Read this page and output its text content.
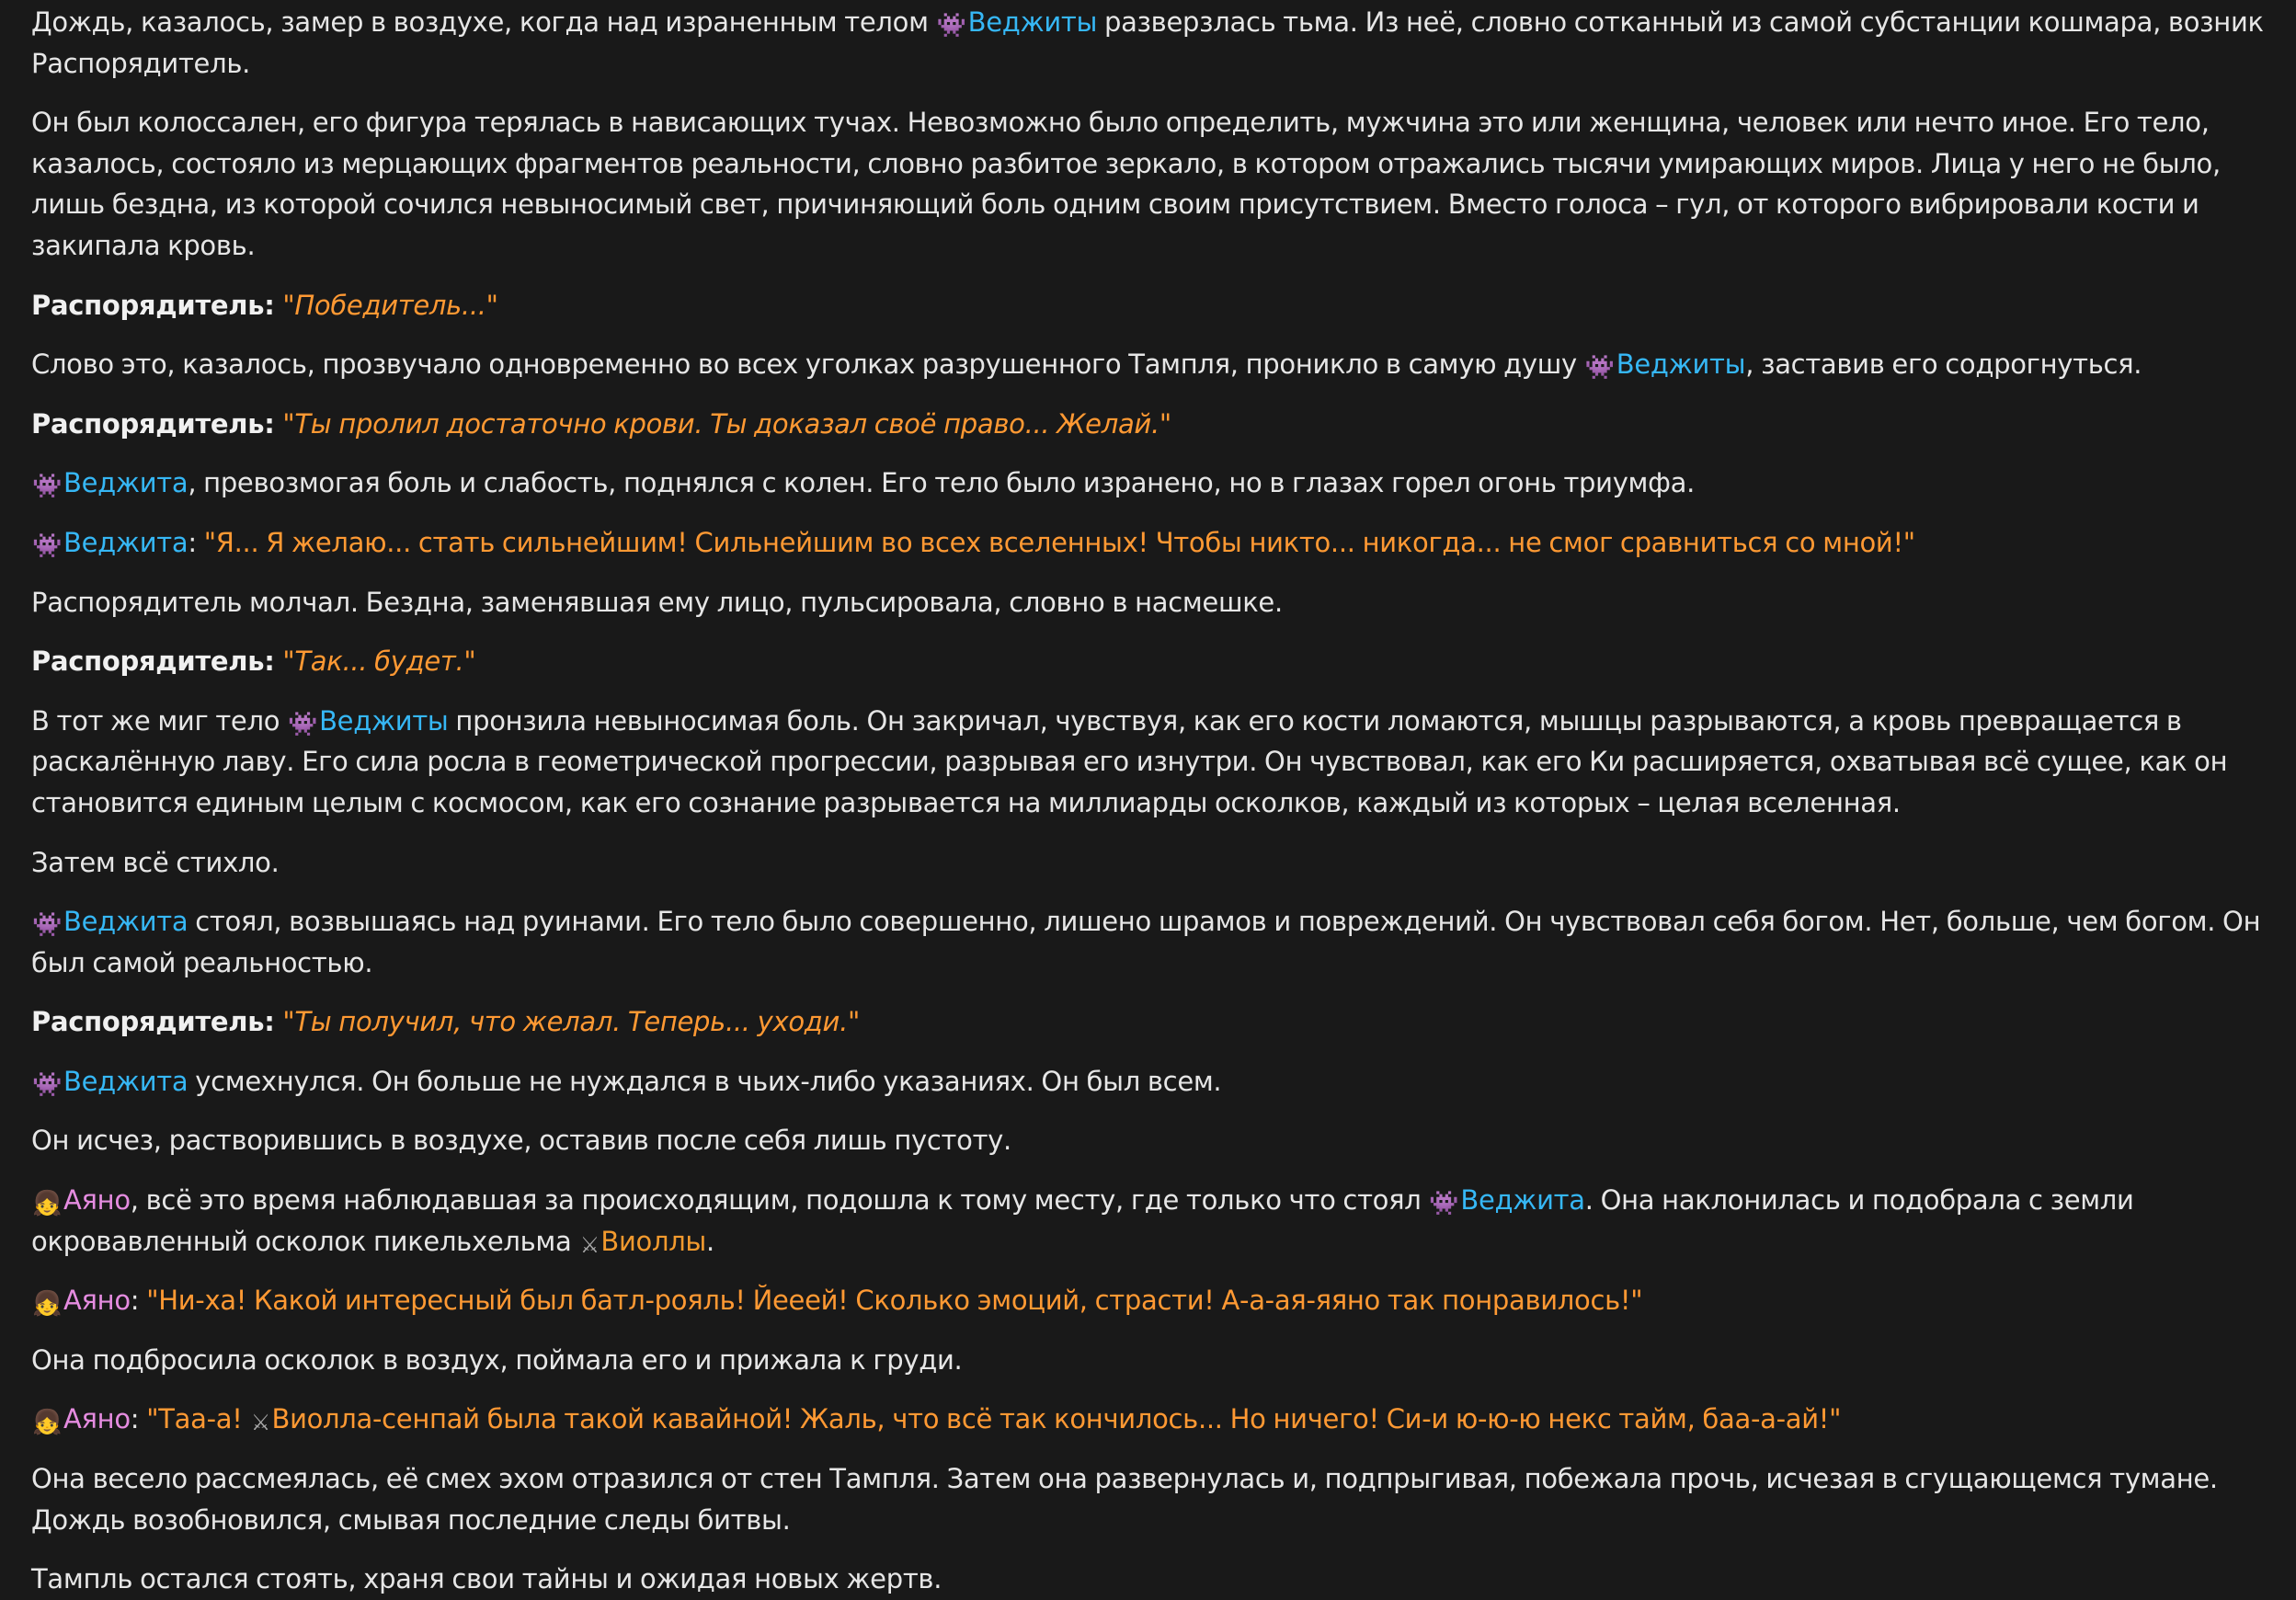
Дождь, казалось, замер в воздухе, когда над израненным телом 👾Веджиты разверзлась тьма. Из неё, словно сотканный из самой субстанции кошмара, возник Распорядитель.

Он был колоссален, его фигура терялась в нависающих тучах. Невозможно было определить, мужчина это или женщина, человек или нечто иное. Его тело, казалось, состояло из мерцающих фрагментов реальности, словно разбитое зеркало, в котором отражались тысячи умирающих миров. Лица у него не было, лишь бездна, из которой сочился невыносимый свет, причиняющий боль одним своим присутствием. Вместо голоса – гул, от которого вибрировали кости и закипала кровь.

Распорядитель: "Победитель..."

Слово это, казалось, прозвучало одновременно во всех уголках разрушенного Тампля, проникло в самую душу 👾Веджиты, заставив его содрогнуться.

Распорядитель: "Ты пролил достаточно крови. Ты доказал своё право... Желай."

👾Веджита, превозмогая боль и слабость, поднялся с колен. Его тело было изранено, но в глазах горел огонь триумфа.

👾Веджита: "Я... Я желаю... стать сильнейшим! Сильнейшим во всех вселенных! Чтобы никто... никогда... не смог сравниться со мной!"

Распорядитель молчал. Бездна, заменявшая ему лицо, пульсировала, словно в насмешке.

Распорядитель: "Так... будет."

В тот же миг тело 👾Веджиты пронзила невыносимая боль. Он закричал, чувствуя, как его кости ломаются, мышцы разрываются, а кровь превращается в раскалённую лаву. Его сила росла в геометрической прогрессии, разрывая его изнутри. Он чувствовал, как его Ки расширяется, охватывая всё сущее, как он становится единым целым с космосом, как его сознание разрывается на миллиарды осколков, каждый из которых – целая вселенная.

Затем всё стихло.

👾Веджита стоял, возвышаясь над руинами. Его тело было совершенно, лишено шрамов и повреждений. Он чувствовал себя богом. Нет, больше, чем богом. Он был самой реальностью.

Распорядитель: "Ты получил, что желал. Теперь... уходи."

👾Веджита усмехнулся. Он больше не нуждался в чьих-либо указаниях. Он был всем.

Он исчез, растворившись в воздухе, оставив после себя лишь пустоту.

👧Аяно, всё это время наблюдавшая за происходящим, подошла к тому месту, где только что стоял 👾Веджита. Она наклонилась и подобрала с земли окровавленный осколок пикельхельма ⚔Виоллы.

👧Аяно: "Ни-ха! Какой интересный был батл-рояль! Йееей! Сколько эмоций, страсти! А-а-ая-яяно так понравилось!"

Она подбросила осколок в воздух, поймала его и прижала к груди.

👧Аяно: "Таа-а! ⚔Виолла-сенпай была такой кавайной! Жаль, что всё так кончилось... Но ничего! Си-и ю-ю-ю некс тайм, баа-а-ай!"

Она весело рассмеялась, её смех эхом отразился от стен Тампля. Затем она развернулась и, подпрыгивая, побежала прочь, исчезая в сгущающемся тумане. Дождь возобновился, смывая последние следы битвы.

Тампль остался стоять, храня свои тайны и ожидая новых жертв.
